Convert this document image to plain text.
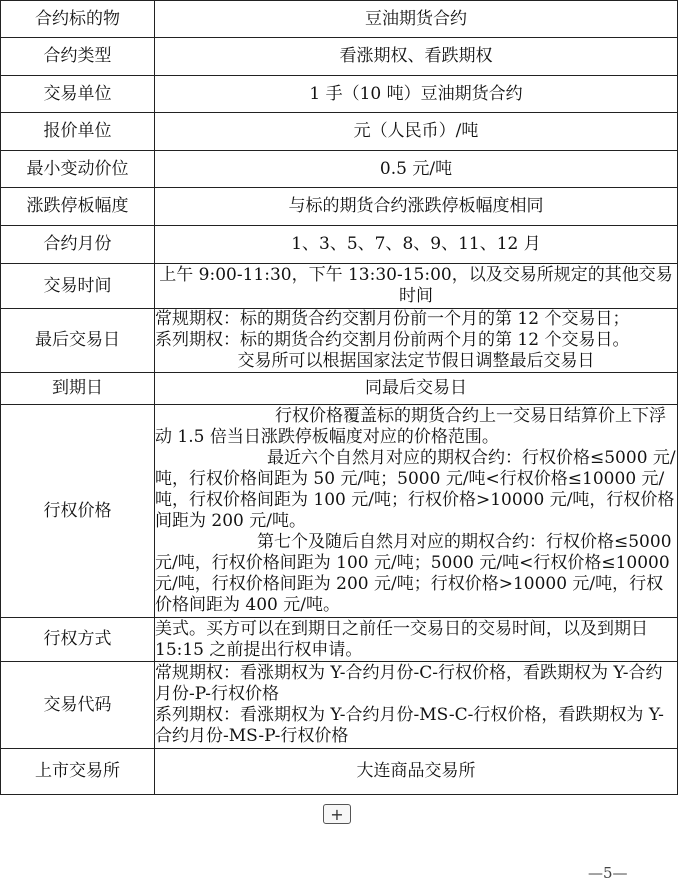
合约标的物	豆油期货合约
合约类型	看涨期权、看跌期权
交易单位	1 手（10 吨）豆油期货合约
报价单位	元（人民币）/吨
最小变动价位	0.5 元/吨
涨跌停板幅度	与标的期货合约涨跌停板幅度相同
合约月份	1、3、5、7、8、9、11、12 月
交易时间	上午 9:00-11:30，下午 13:30-15:00，以及交易所规定的其他交易时间

最后交易日	常规期权：标的期货合约交割月份前一个月的第 12 个交易日；
系列期权：标的期货合约交割月份前两个月的第 12 个交易日。
交易所可以根据国家法定节假日调整最后交易日

到期日	同最后交易日
行权价格	行权价格覆盖标的期货合约上一交易日结算价上下浮动 1.5 倍当日涨跌停板幅度对应的价格范围。
最近六个自然月对应的期权合约：行权价格≤5000 元/吨，行权价格间距为 50 元/吨；5000 元/吨<行权价格≤10000 元/吨，行权价格间距为 100 元/吨；行权价格>10000 元/吨，行权价格间距为 200 元/吨。
第七个及随后自然月对应的期权合约：行权价格≤5000 元/吨，行权价格间距为 100 元/吨；5000 元/吨<行权价格≤10000 元/吨，行权价格间距为 200 元/吨；行权价格>10000 元/吨，行权价格间距为 400 元/吨。

行权方式	美式。买方可以在到期日之前任一交易日的交易时间，以及到期日 15:15 之前提出行权申请。
交易代码	常规期权：看涨期权为 Y-合约月份-C-行权价格，看跌期权为 Y-合约月份-P-行权价格
系列期权：看涨期权为 Y-合约月份-MS-C-行权价格，看跌期权为 Y-合约月份-MS-P-行权价格

上市交易所	大连商品交易所
+
—5—
